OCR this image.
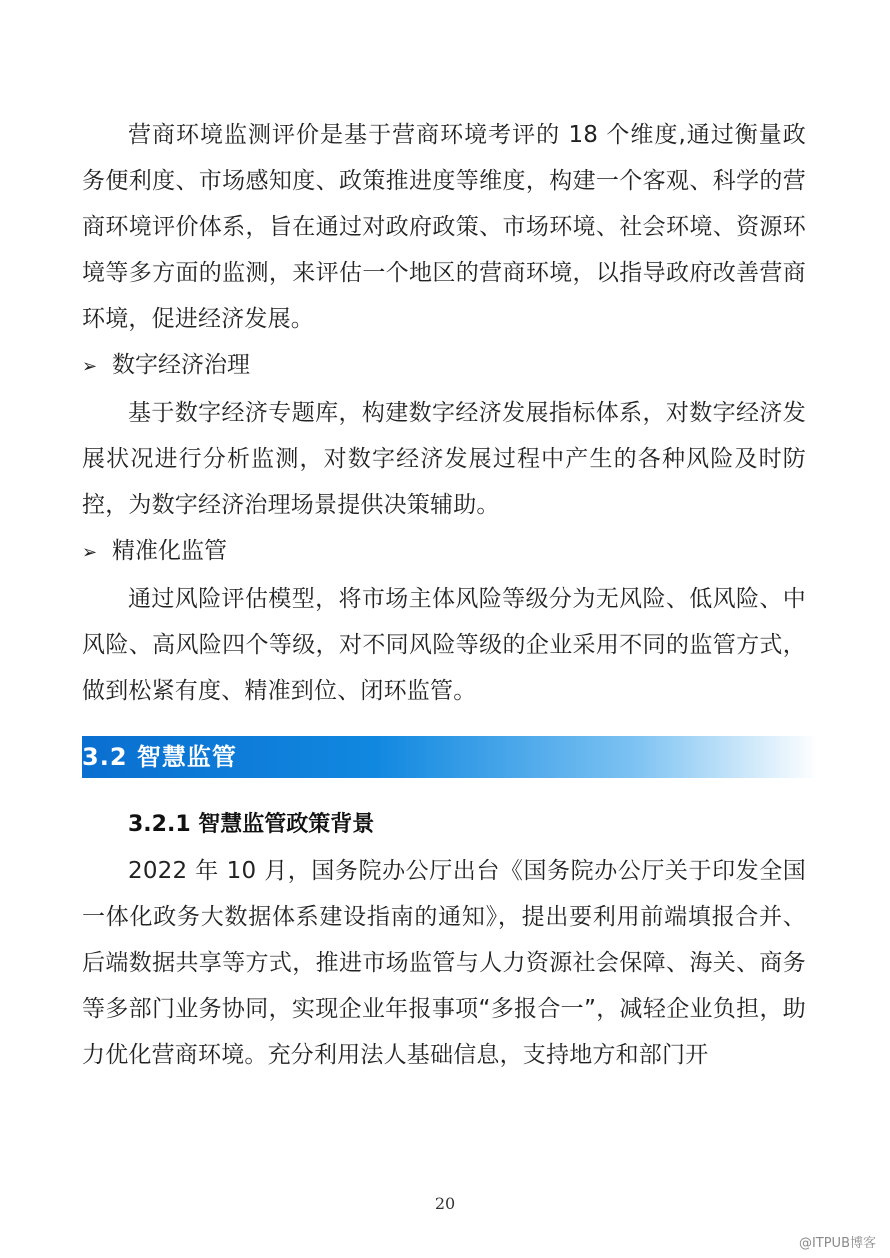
营商环境监测评价是基于营商环境考评的 18 个维度,通过衡量政务便利度、市场感知度、政策推进度等维度，构建一个客观、科学的营商环境评价体系，旨在通过对政府政策、市场环境、社会环境、资源环境等多方面的监测，来评估一个地区的营商环境，以指导政府改善营商环境，促进经济发展。

➢ 数字经济治理

基于数字经济专题库，构建数字经济发展指标体系，对数字经济发展状况进行分析监测，对数字经济发展过程中产生的各种风险及时防控，为数字经济治理场景提供决策辅助。

➢ 精准化监管

通过风险评估模型，将市场主体风险等级分为无风险、低风险、中风险、高风险四个等级，对不同风险等级的企业采用不同的监管方式，做到松紧有度、精准到位、闭环监管。

3.2 智慧监管

3.2.1 智慧监管政策背景

2022 年 10 月，国务院办公厅出台《国务院办公厅关于印发全国一体化政务大数据体系建设指南的通知》，提出要利用前端填报合并、后端数据共享等方式，推进市场监管与人力资源社会保障、海关、商务等多部门业务协同，实现企业年报事项“多报合一”，减轻企业负担，助力优化营商环境。充分利用法人基础信息，支持地方和部门开

20
@ITPUB博客
